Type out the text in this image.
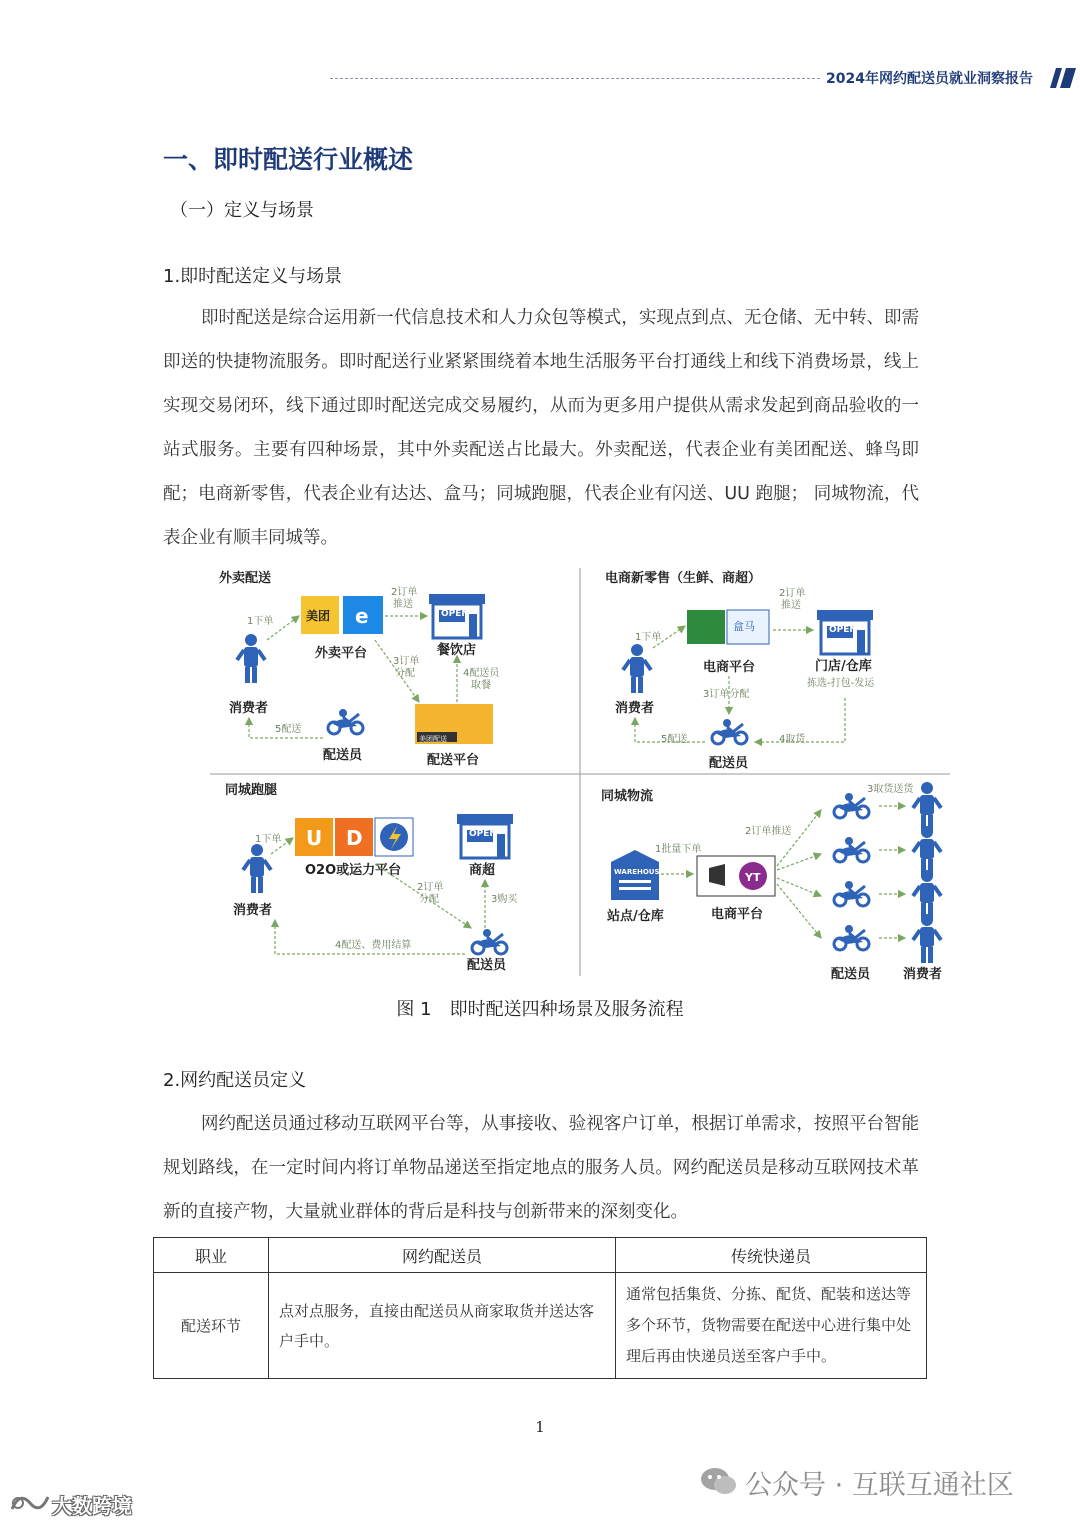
2024年网约配送员就业洞察报告
一、即时配送行业概述
（一）定义与场景
1.即时配送定义与场景

即时配送是综合运用新一代信息技术和人力众包等模式，实现点到点、无仓储、无中转、即需即送的快捷物流服务。即时配送行业紧紧围绕着本地生活服务平台打通线上和线下消费场景，线上实现交易闭环，线下通过即时配送完成交易履约，从而为更多用户提供从需求发起到商品验收的一站式服务。主要有四种场景，其中外卖配送占比最大。外卖配送，代表企业有美团配送、蜂鸟即配；电商新零售，代表企业有达达、盒马；同城跑腿，代表企业有闪送、UU 跑腿； 同城物流，代表企业有顺丰同城等。

外卖配送
消费者
美团 e
外卖平台
OPEN
餐饮店
美团配送
配送平台
配送员
1下单
2订单
推送
3订单
分配	4配送员
取餐
5配送
电商新零售（生鲜、商超）
消费者
盒马
电商平台
OPEN
门店/仓库
拣选-打包-发运
配送员
1下单
2订单
推送
3订单分配
4取货
5配送
同城跑腿
消费者
U D
O2O或运力平台
OPEN
商超
配送员
1下单
2订单
分配	3购买
4配送、费用结算
同城物流
WAREHOUSE
站点/仓库
YT
电商平台
1批量下单
2订单推送
3取货送货
配送员	消费者
图 1　即时配送四种场景及服务流程
2.网约配送员定义

网约配送员通过移动互联网平台等，从事接收、验视客户订单，根据订单需求，按照平台智能规划路线，在一定时间内将订单物品递送至指定地点的服务人员。网约配送员是移动互联网技术革新的直接产物，大量就业群体的背后是科技与创新带来的深刻变化。

职业	网约配送员	传统快递员
配送环节	点对点服务，直接由配送员从商家取货并送达客户手中。	通常包括集货、分拣、配货、配装和送达等多个环节，货物需要在配送中心进行集中处理后再由快递员送至客户手中。
1
公众号 · 互联互通社区
大数跨境
